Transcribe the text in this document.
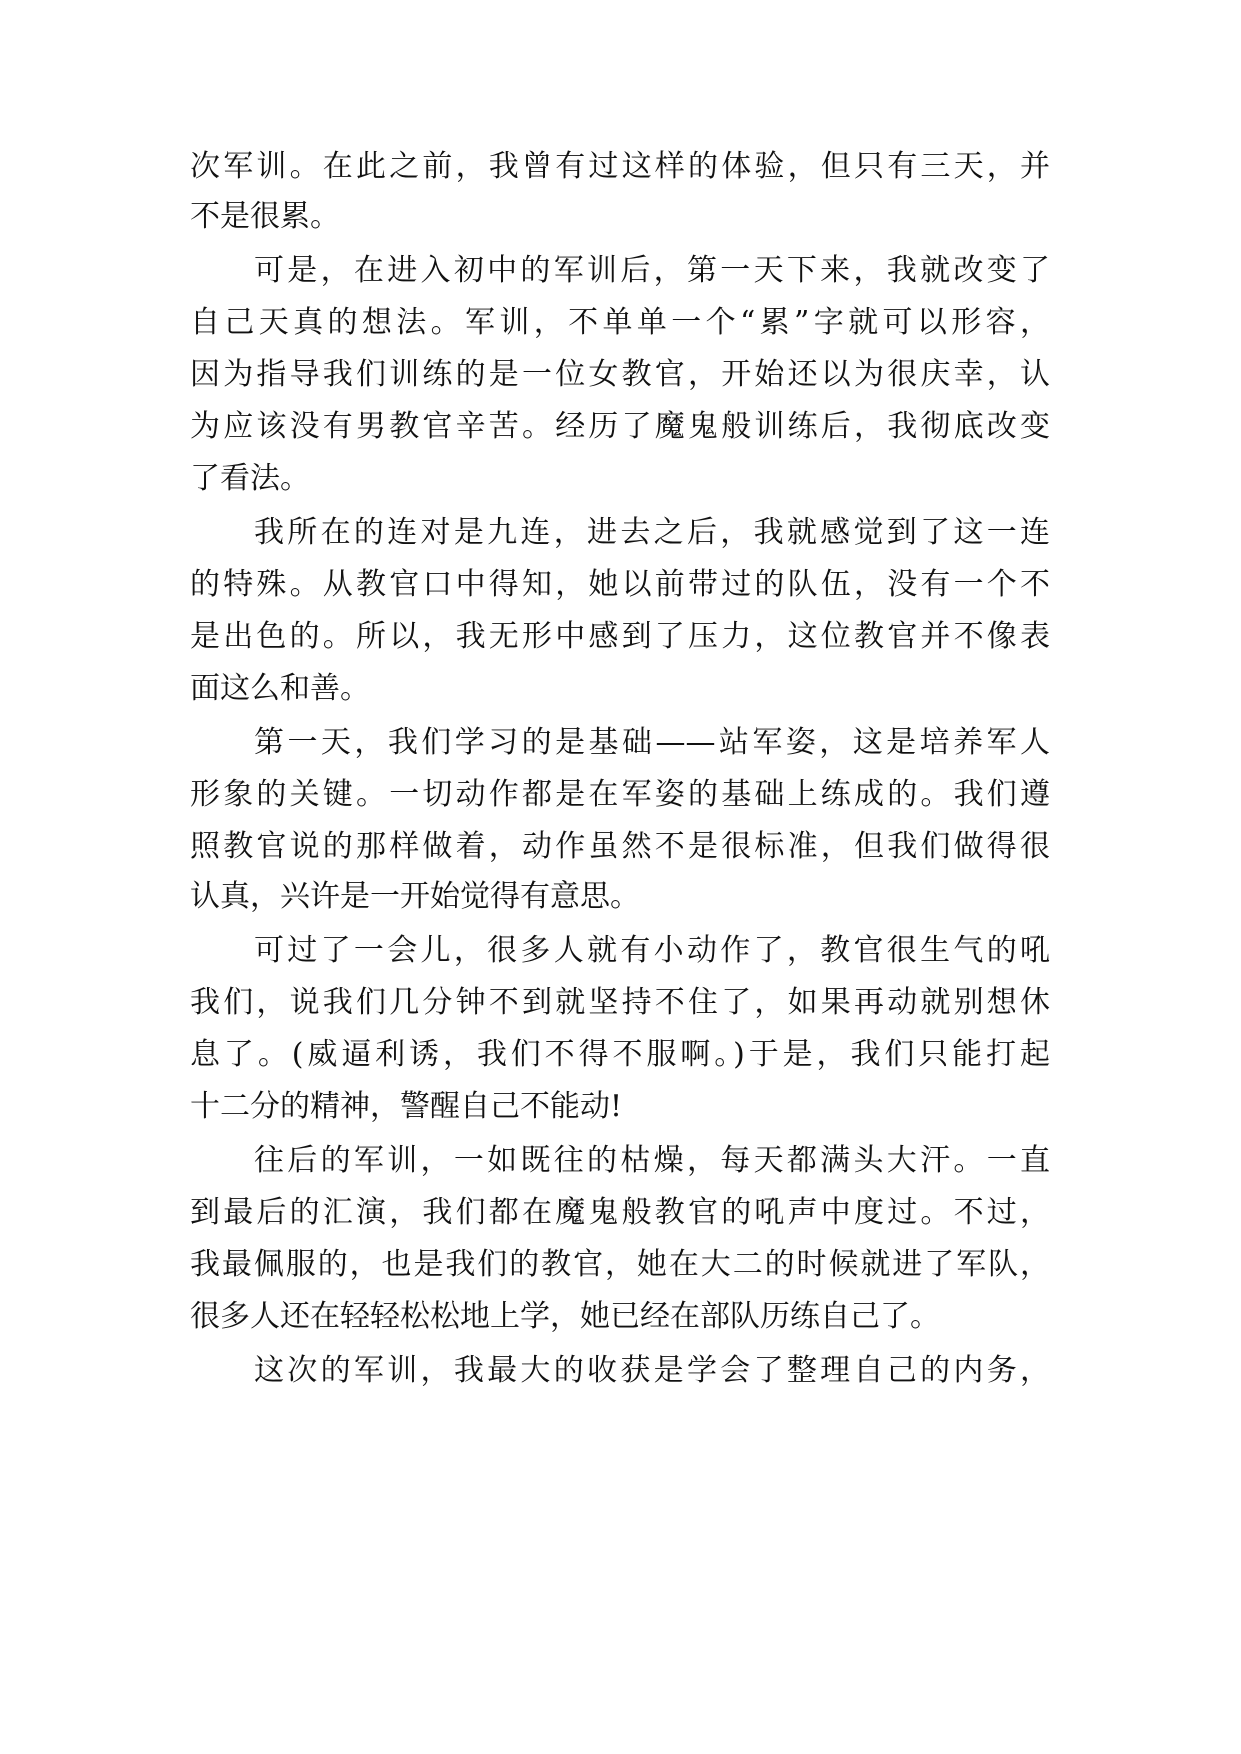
次军训。在此之前，我曾有过这样的体验，但只有三天，并
不是很累。
可是，在进入初中的军训后，第一天下来，我就改变了
自己天真的想法。军训，不单单一个“累”字就可以形容，
因为指导我们训练的是一位女教官，开始还以为很庆幸，认
为应该没有男教官辛苦。经历了魔鬼般训练后，我彻底改变
了看法。
我所在的连对是九连，进去之后，我就感觉到了这一连
的特殊。从教官口中得知，她以前带过的队伍，没有一个不
是出色的。所以，我无形中感到了压力，这位教官并不像表
面这么和善。
第一天，我们学习的是基础——站军姿，这是培养军人
形象的关键。一切动作都是在军姿的基础上练成的。我们遵
照教官说的那样做着，动作虽然不是很标准，但我们做得很
认真，兴许是一开始觉得有意思。
可过了一会儿，很多人就有小动作了，教官很生气的吼
我们，说我们几分钟不到就坚持不住了，如果再动就别想休
息了。(威逼利诱，我们不得不服啊。)于是，我们只能打起
十二分的精神，警醒自己不能动!
往后的军训，一如既往的枯燥，每天都满头大汗。一直
到最后的汇演，我们都在魔鬼般教官的吼声中度过。不过，
我最佩服的，也是我们的教官，她在大二的时候就进了军队，
很多人还在轻轻松松地上学，她已经在部队历练自己了。
这次的军训，我最大的收获是学会了整理自己的内务，
